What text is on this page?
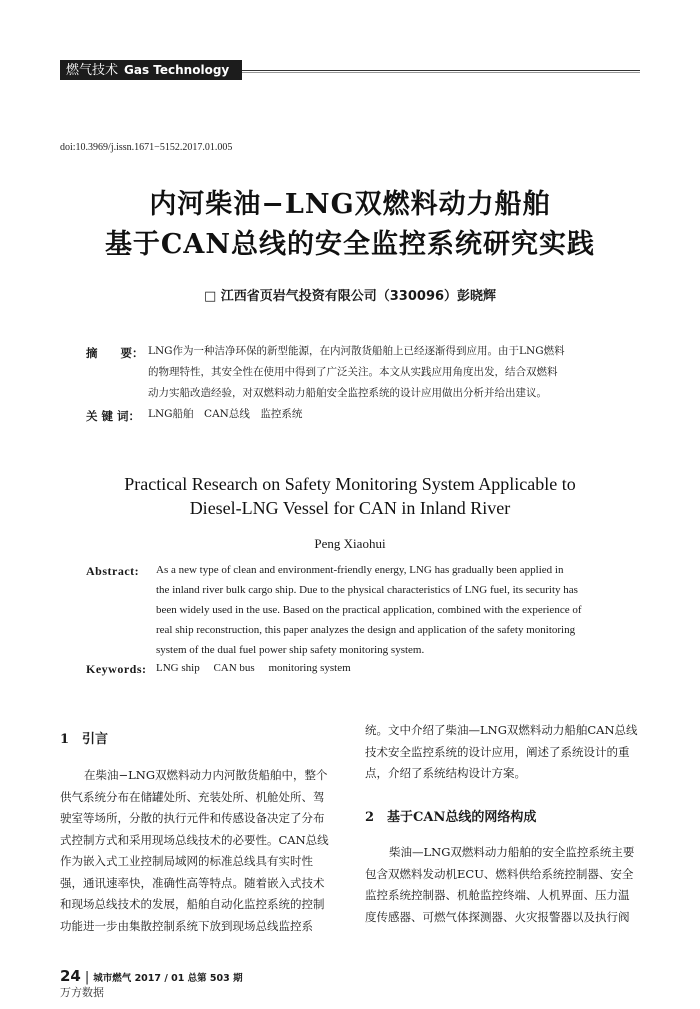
燃气技术 Gas Technology
doi:10.3969/j.issn.1671−5152.2017.01.005
内河柴油−LNG双燃料动力船舶
基于CAN总线的安全监控系统研究实践
□ 江西省页岩气投资有限公司（330096）彭晓辉
摘　　要： LNG作为一种洁净环保的新型能源，在内河散货船舶上已经逐渐得到应用。由于LNG燃料
的物理特性，其安全性在使用中得到了广泛关注。本文从实践应用角度出发，结合双燃料
动力实船改造经验，对双燃料动力船舶安全监控系统的设计应用做出分析并给出建议。
关 键 词： LNG船舶　CAN总线　监控系统
Practical Research on Safety Monitoring System Applicable to
Diesel-LNG Vessel for CAN in Inland River
Peng Xiaohui
Abstract: As a new type of clean and environment-friendly energy, LNG has gradually been applied in
the inland river bulk cargo ship. Due to the physical characteristics of LNG fuel, its security has
been widely used in the use. Based on the practical application, combined with the experience of
real ship reconstruction, this paper analyzes the design and application of the safety monitoring
system of the dual fuel power ship safety monitoring system.
Keywords: LNG ship　 CAN bus　 monitoring system
1　引言
在柴油−LNG双燃料动力内河散货船舶中，整个
供气系统分布在储罐处所、充装处所、机舱处所、驾
驶室等场所，分散的执行元件和传感设备决定了分布
式控制方式和采用现场总线技术的必要性。CAN总线
作为嵌入式工业控制局域网的标准总线具有实时性
强，通讯速率快，准确性高等特点。随着嵌入式技术
和现场总线技术的发展，船舶自动化监控系统的控制
功能进一步由集散控制系统下放到现场总线监控系
统。文中介绍了柴油—LNG双燃料动力船舶CAN总线
技术安全监控系统的设计应用，阐述了系统设计的重
点，介绍了系统结构设计方案。
2　基于CAN总线的网络构成
柴油—LNG双燃料动力船舶的安全监控系统主要
包含双燃料发动机ECU、燃料供给系统控制器、安全
监控系统控制器、机舱监控终端、人机界面、压力温
度传感器、可燃气体探测器、火灾报警器以及执行阀
24 | 城市燃气 2017 / 01 总第 503 期
万方数据
